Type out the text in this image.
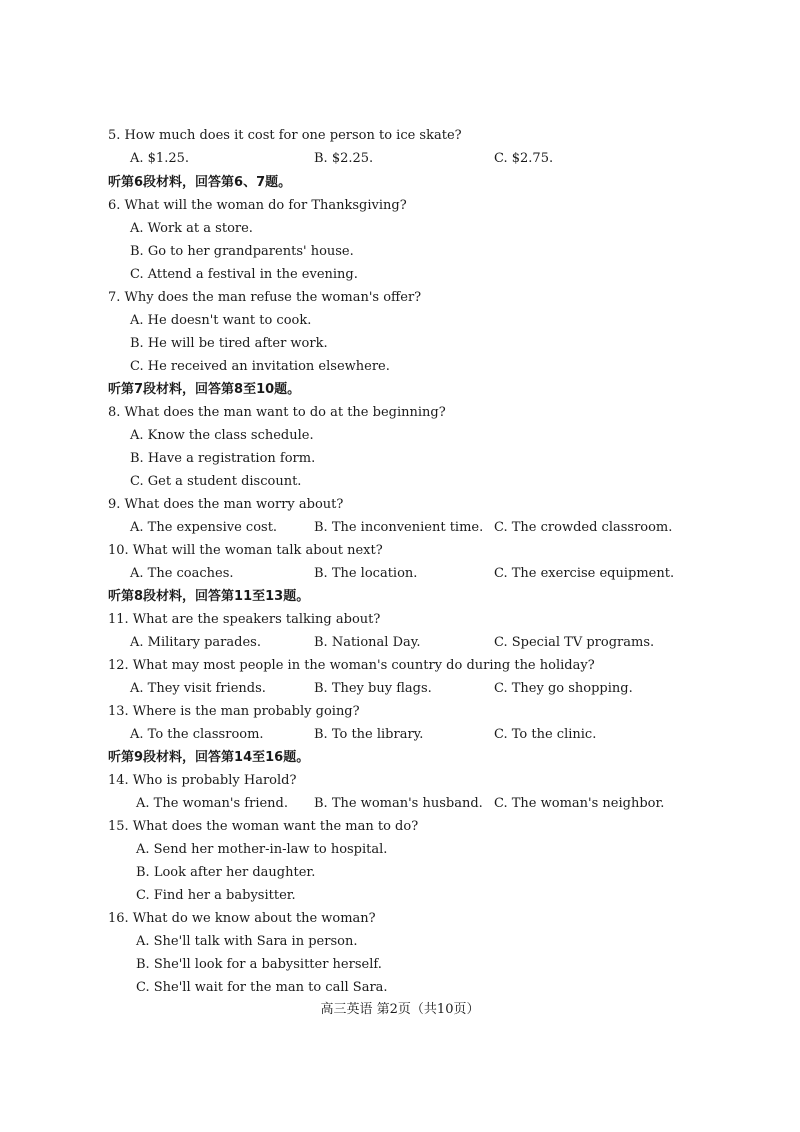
5. How much does it cost for one person to ice skate?
A. $1.25.	B. $2.25.	C. $2.75.
听第6段材料，回答第6、7题。
6. What will the woman do for Thanksgiving?
A. Work at a store.
B. Go to her grandparents' house.
C. Attend a festival in the evening.
7. Why does the man refuse the woman's offer?
A. He doesn't want to cook.
B. He will be tired after work.
C. He received an invitation elsewhere.
听第7段材料，回答第8至10题。
8. What does the man want to do at the beginning?
A. Know the class schedule.
B. Have a registration form.
C. Get a student discount.
9. What does the man worry about?
A. The expensive cost.	B. The inconvenient time. C. The crowded classroom.
10. What will the woman talk about next?
A. The coaches.	B. The location.	C. The exercise equipment.
听第8段材料，回答第11至13题。
11. What are the speakers talking about?
A. Military parades.	B. National Day.	C. Special TV programs.
12. What may most people in the woman's country do during the holiday?
A. They visit friends.	B. They buy flags.	C. They go shopping.
13. Where is the man probably going?
A. To the classroom.	B. To the library.	C. To the clinic.
听第9段材料，回答第14至16题。
14. Who is probably Harold?
A. The woman's friend. B. The woman's husband. C. The woman's neighbor.
15. What does the woman want the man to do?
A. Send her mother-in-law to hospital.
B. Look after her daughter.
C. Find her a babysitter.
16. What do we know about the woman?
A. She'll talk with Sara in person.
B. She'll look for a babysitter herself.
C. She'll wait for the man to call Sara.
高三英语 第2页（共10页）
